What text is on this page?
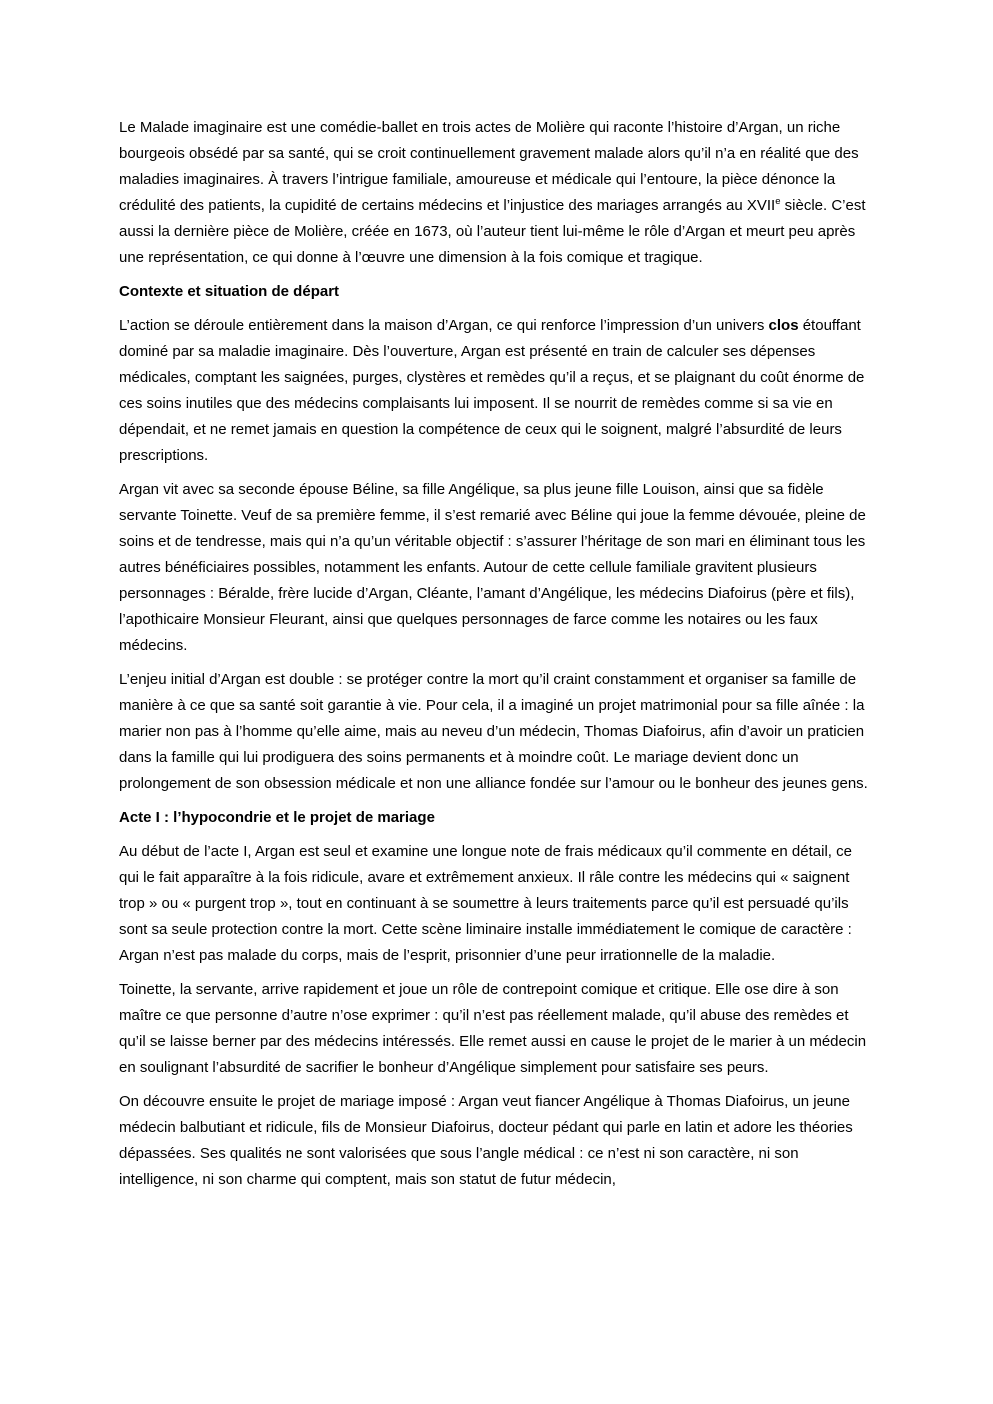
Le Malade imaginaire est une comédie-ballet en trois actes de Molière qui raconte l’histoire d’Argan, un riche bourgeois obsédé par sa santé, qui se croit continuellement gravement malade alors qu’il n’a en réalité que des maladies imaginaires. À travers l’intrigue familiale, amoureuse et médicale qui l’entoure, la pièce dénonce la crédulité des patients, la cupidité de certains médecins et l’injustice des mariages arrangés au XVIIe siècle. C’est aussi la dernière pièce de Molière, créée en 1673, où l’auteur tient lui-même le rôle d’Argan et meurt peu après une représentation, ce qui donne à l’œuvre une dimension à la fois comique et tragique.

Contexte et situation de départ

L’action se déroule entièrement dans la maison d’Argan, ce qui renforce l’impression d’un univers clos étouffant dominé par sa maladie imaginaire. Dès l’ouverture, Argan est présenté en train de calculer ses dépenses médicales, comptant les saignées, purges, clystères et remèdes qu’il a reçus, et se plaignant du coût énorme de ces soins inutiles que des médecins complaisants lui imposent. Il se nourrit de remèdes comme si sa vie en dépendait, et ne remet jamais en question la compétence de ceux qui le soignent, malgré l’absurdité de leurs prescriptions.

Argan vit avec sa seconde épouse Béline, sa fille Angélique, sa plus jeune fille Louison, ainsi que sa fidèle servante Toinette. Veuf de sa première femme, il s’est remarié avec Béline qui joue la femme dévouée, pleine de soins et de tendresse, mais qui n’a qu’un véritable objectif : s’assurer l’héritage de son mari en éliminant tous les autres bénéficiaires possibles, notamment les enfants. Autour de cette cellule familiale gravitent plusieurs personnages : Béralde, frère lucide d’Argan, Cléante, l’amant d’Angélique, les médecins Diafoirus (père et fils), l’apothicaire Monsieur Fleurant, ainsi que quelques personnages de farce comme les notaires ou les faux médecins.

L’enjeu initial d’Argan est double : se protéger contre la mort qu’il craint constamment et organiser sa famille de manière à ce que sa santé soit garantie à vie. Pour cela, il a imaginé un projet matrimonial pour sa fille aînée : la marier non pas à l’homme qu’elle aime, mais au neveu d’un médecin, Thomas Diafoirus, afin d’avoir un praticien dans la famille qui lui prodiguera des soins permanents et à moindre coût. Le mariage devient donc un prolongement de son obsession médicale et non une alliance fondée sur l’amour ou le bonheur des jeunes gens.

Acte I : l’hypocondrie et le projet de mariage

Au début de l’acte I, Argan est seul et examine une longue note de frais médicaux qu’il commente en détail, ce qui le fait apparaître à la fois ridicule, avare et extrêmement anxieux. Il râle contre les médecins qui « saignent trop » ou « purgent trop », tout en continuant à se soumettre à leurs traitements parce qu’il est persuadé qu’ils sont sa seule protection contre la mort. Cette scène liminaire installe immédiatement le comique de caractère : Argan n’est pas malade du corps, mais de l’esprit, prisonnier d’une peur irrationnelle de la maladie.

Toinette, la servante, arrive rapidement et joue un rôle de contrepoint comique et critique. Elle ose dire à son maître ce que personne d’autre n’ose exprimer : qu’il n’est pas réellement malade, qu’il abuse des remèdes et qu’il se laisse berner par des médecins intéressés. Elle remet aussi en cause le projet de le marier à un médecin en soulignant l’absurdité de sacrifier le bonheur d’Angélique simplement pour satisfaire ses peurs.

On découvre ensuite le projet de mariage imposé : Argan veut fiancer Angélique à Thomas Diafoirus, un jeune médecin balbutiant et ridicule, fils de Monsieur Diafoirus, docteur pédant qui parle en latin et adore les théories dépassées. Ses qualités ne sont valorisées que sous l’angle médical : ce n’est ni son caractère, ni son intelligence, ni son charme qui comptent, mais son statut de futur médecin,
